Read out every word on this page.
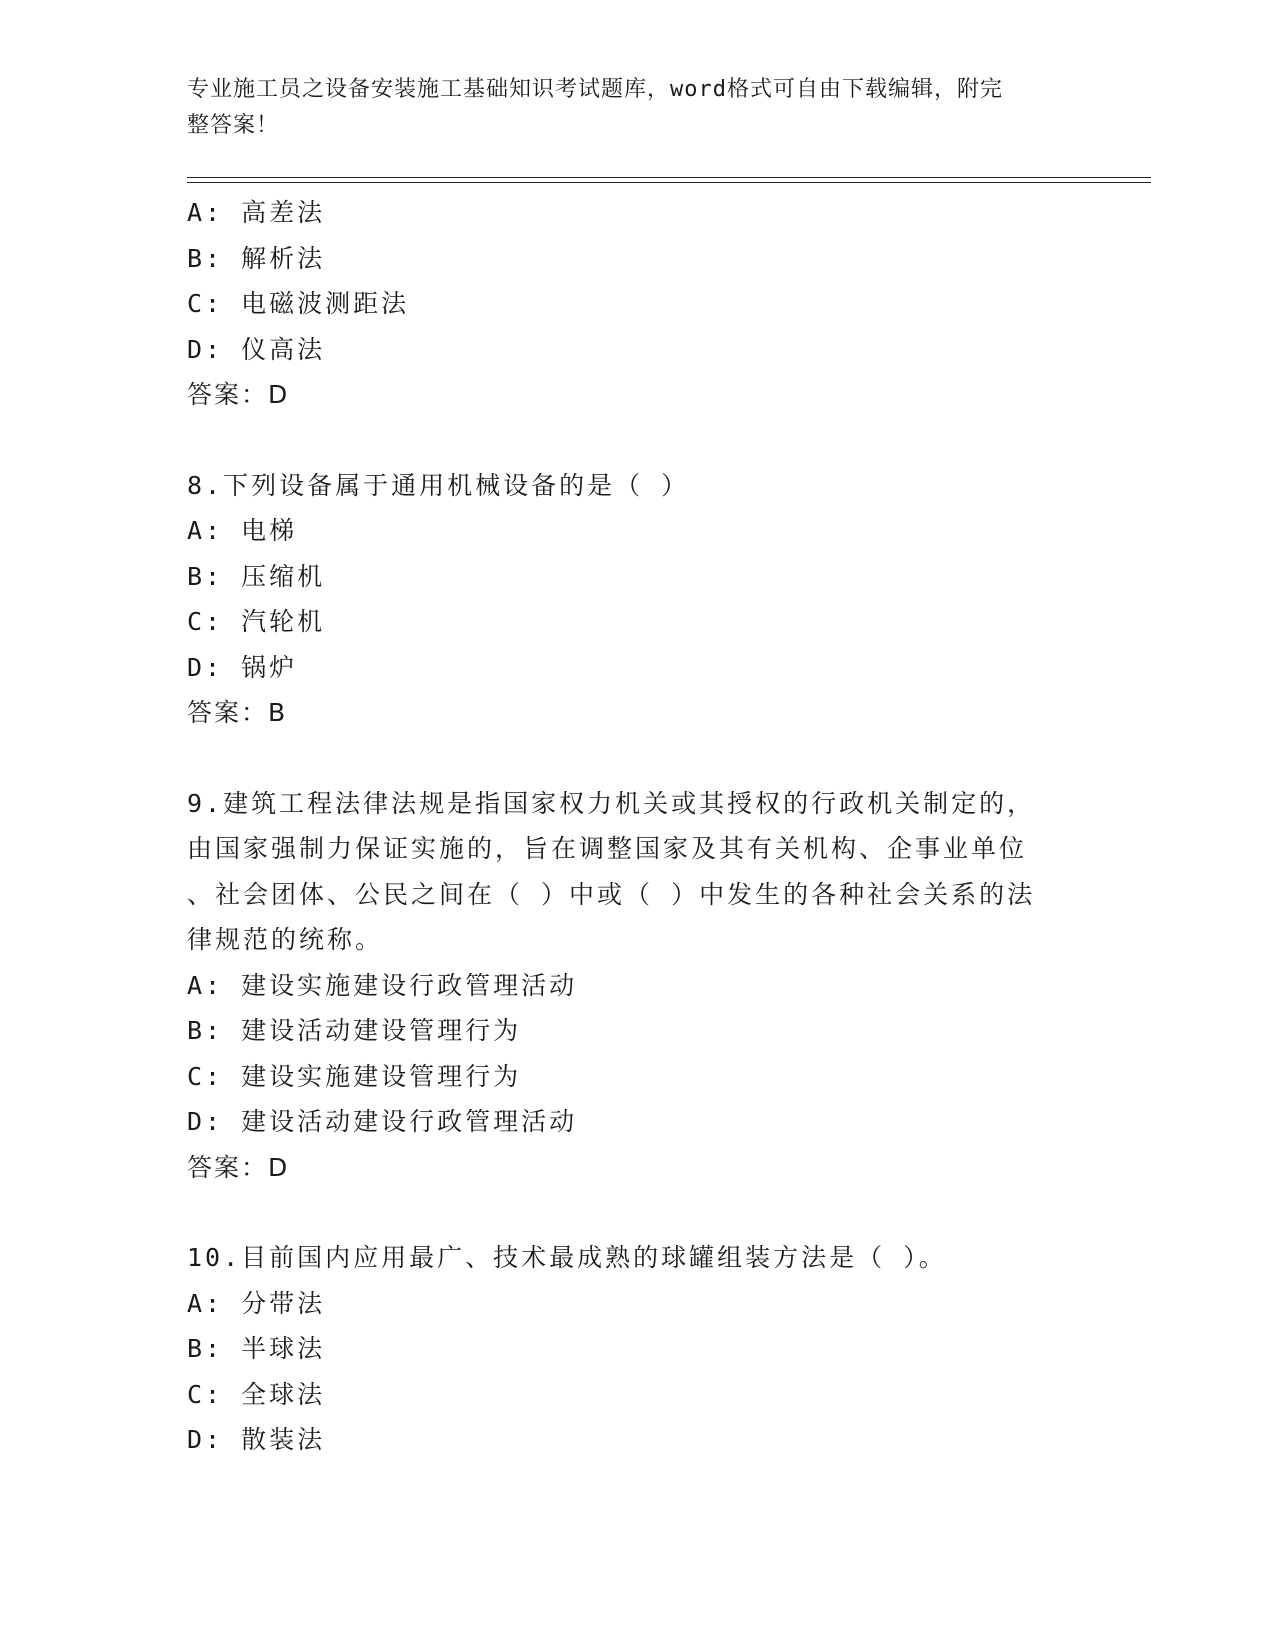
专业施工员之设备安装施工基础知识考试题库，word格式可自由下载编辑，附完
整答案！
A: 高差法
B: 解析法
C: 电磁波测距法
D: 仪高法
答案：D
8.下列设备属于通用机械设备的是（ ）
A: 电梯
B: 压缩机
C: 汽轮机
D: 锅炉
答案：B
9.建筑工程法律法规是指国家权力机关或其授权的行政机关制定的，
由国家强制力保证实施的，旨在调整国家及其有关机构、企事业单位
、社会团体、公民之间在（ ）中或（ ）中发生的各种社会关系的法
律规范的统称。
A: 建设实施建设行政管理活动
B: 建设活动建设管理行为
C: 建设实施建设管理行为
D: 建设活动建设行政管理活动
答案：D
10.目前国内应用最广、技术最成熟的球罐组装方法是（ ）。
A: 分带法
B: 半球法
C: 全球法
D: 散装法
